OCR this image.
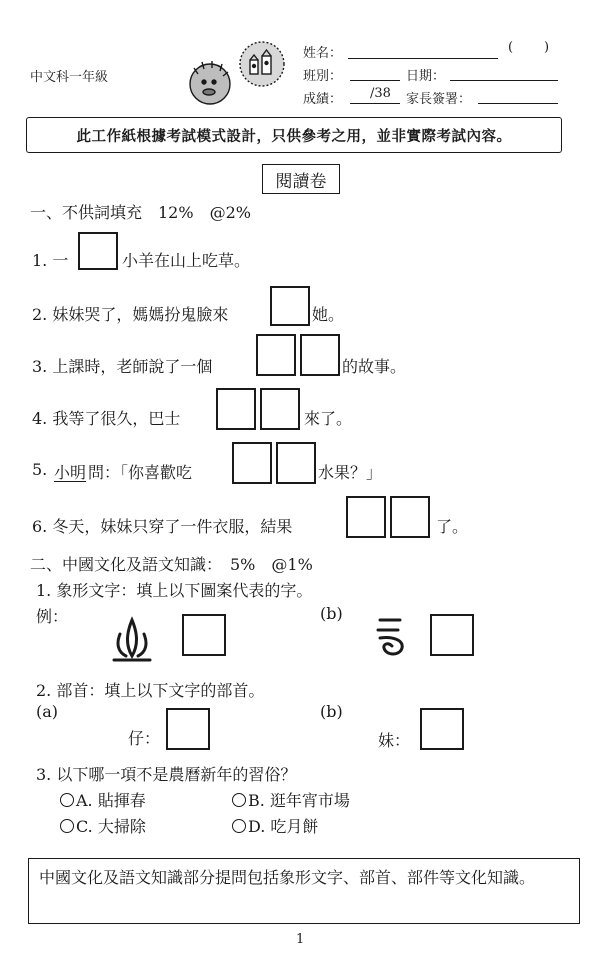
中文科一年級
姓名：	( )
班別：	日期：
成績： /38 家長簽署：
此工作紙根據考試模式設計，只供參考之用，並非實際考試內容。
閱讀卷
一、不供詞填充　12%　@2%
1. 一	小羊在山上吃草。
2. 妹妹哭了，媽媽扮鬼臉來	她。
3. 上課時，老師說了一個	的故事。
4. 我等了很久，巴士	來了。
5. 小明 問：「你喜歡吃	水果？」
6. 冬天，妹妹只穿了一件衣服，結果	了。
二、中國文化及語文知識：　5%　@1%
1. 象形文字：填上以下圖案代表的字。
例：	(b)
2. 部首：填上以下文字的部首。
(a)	(b)
仔：	妹：
3. 以下哪一項不是農曆新年的習俗？
A. 貼揮春	B. 逛年宵市場
C. 大掃除	D. 吃月餅
中國文化及語文知識部分提問包括象形文字、部首、部件等文化知識。
1
